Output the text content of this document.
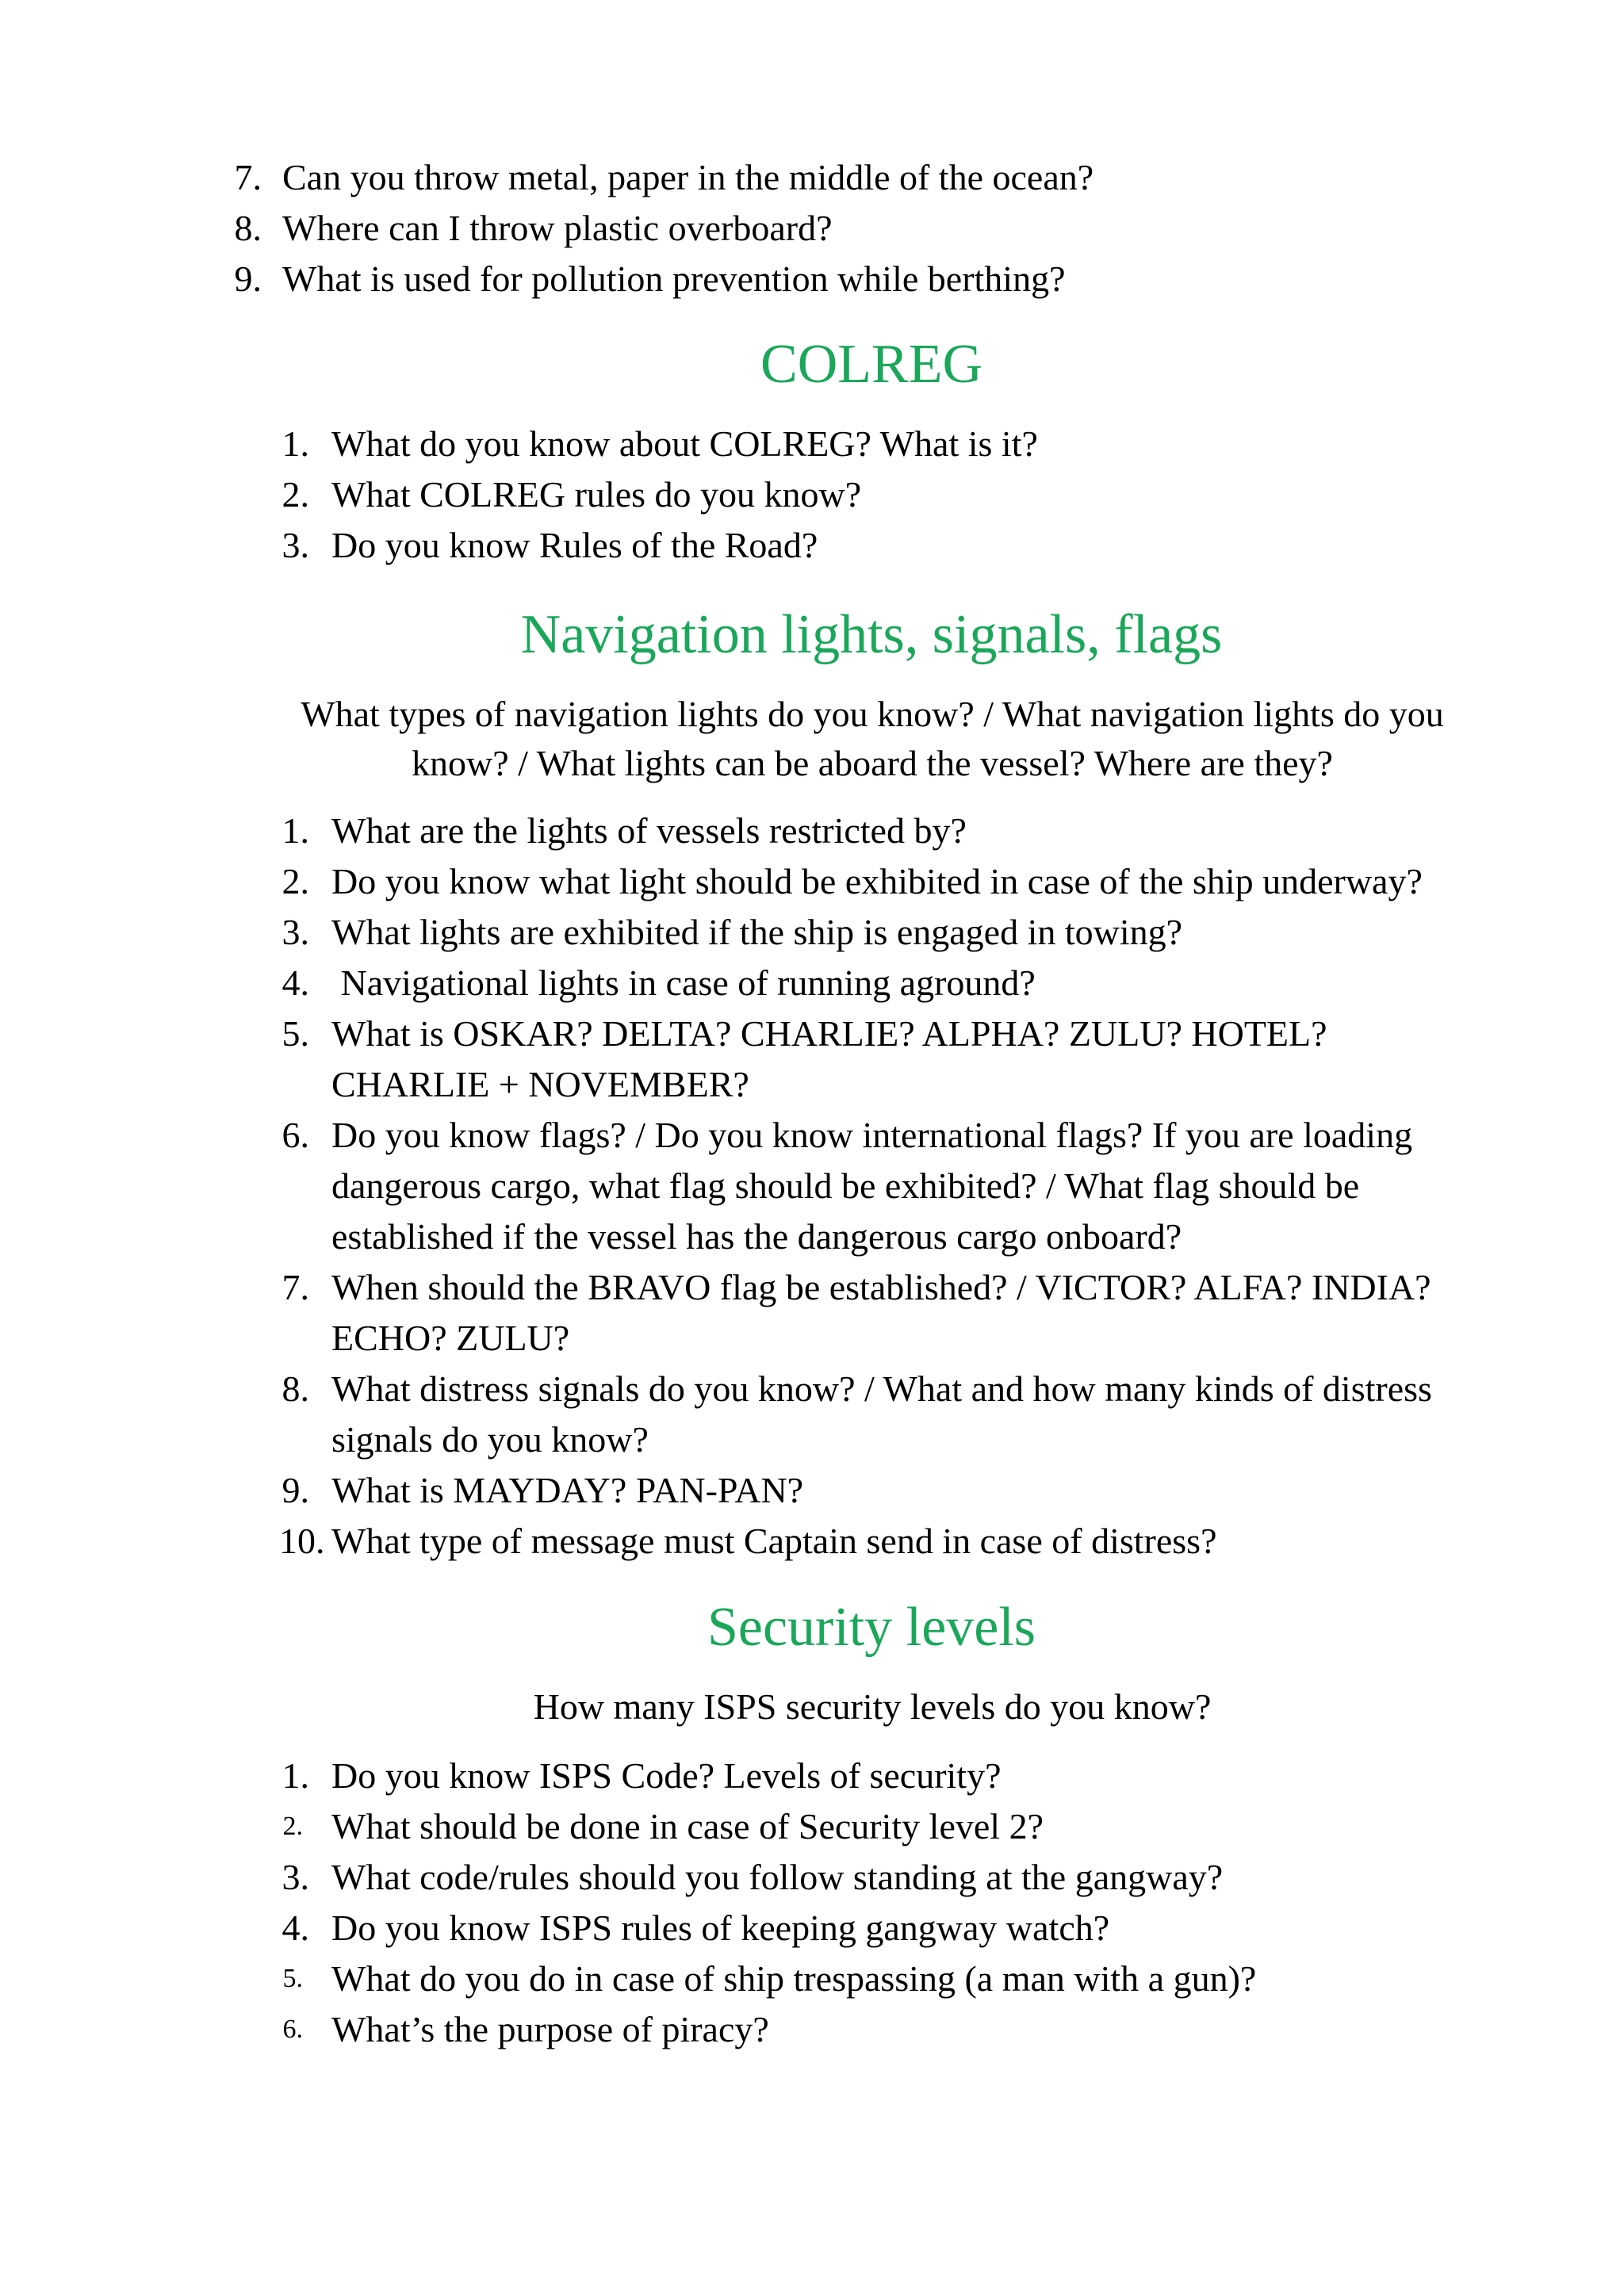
7. Can you throw metal, paper in the middle of the ocean?
8. Where can I throw plastic overboard?
9. What is used for pollution prevention while berthing?
COLREG
1. What do you know about COLREG? What is it?
2. What COLREG rules do you know?
3. Do you know Rules of the Road?
Navigation lights, signals, flags
What types of navigation lights do you know? / What navigation lights do you
know? / What lights can be aboard the vessel? Where are they?
1. What are the lights of vessels restricted by?
2. Do you know what light should be exhibited in case of the ship underway?
3. What lights are exhibited if the ship is engaged in towing?
4. Navigational lights in case of running aground?
5. What is OSKAR? DELTA? CHARLIE? ALPHA? ZULU? HOTEL?
CHARLIE + NOVEMBER?
6. Do you know flags? / Do you know international flags? If you are loading
dangerous cargo, what flag should be exhibited? / What flag should be
established if the vessel has the dangerous cargo onboard?
7. When should the BRAVO flag be established? / VICTOR? ALFA? INDIA?
ECHO? ZULU?
8. What distress signals do you know? / What and how many kinds of distress
signals do you know?
9. What is MAYDAY? PAN-PAN?
10. What type of message must Captain send in case of distress?
Security levels
How many ISPS security levels do you know?
1. Do you know ISPS Code? Levels of security?
2. What should be done in case of Security level 2?
3. What code/rules should you follow standing at the gangway?
4. Do you know ISPS rules of keeping gangway watch?
5. What do you do in case of ship trespassing (a man with a gun)?
6. What’s the purpose of piracy?
